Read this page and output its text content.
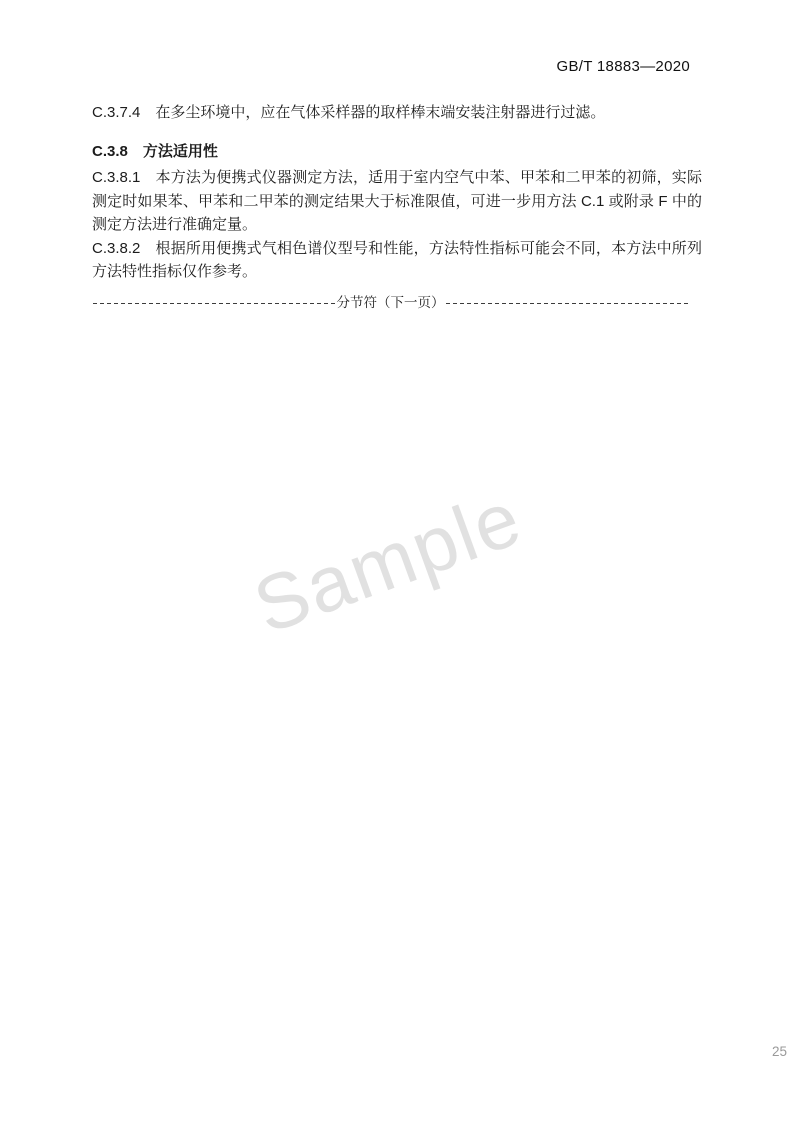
GB/T 18883—2020
Sample

C.3.7.4 在多尘环境中，应在气体采样器的取样棒末端安装注射器进行过滤。

C.3.8 方法适用性

C.3.8.1 本方法为便携式仪器测定方法，适用于室内空气中苯、甲苯和二甲苯的初筛，实际测定时如果苯、甲苯和二甲苯的测定结果大于标准限值，可进一步用方法 C.1 或附录 F 中的测定方法进行准确定量。

C.3.8.2 根据所用便携式气相色谱仪型号和性能，方法特性指标可能会不同，本方法中所列方法特性指标仅作参考。

分节符（下一页）
25
